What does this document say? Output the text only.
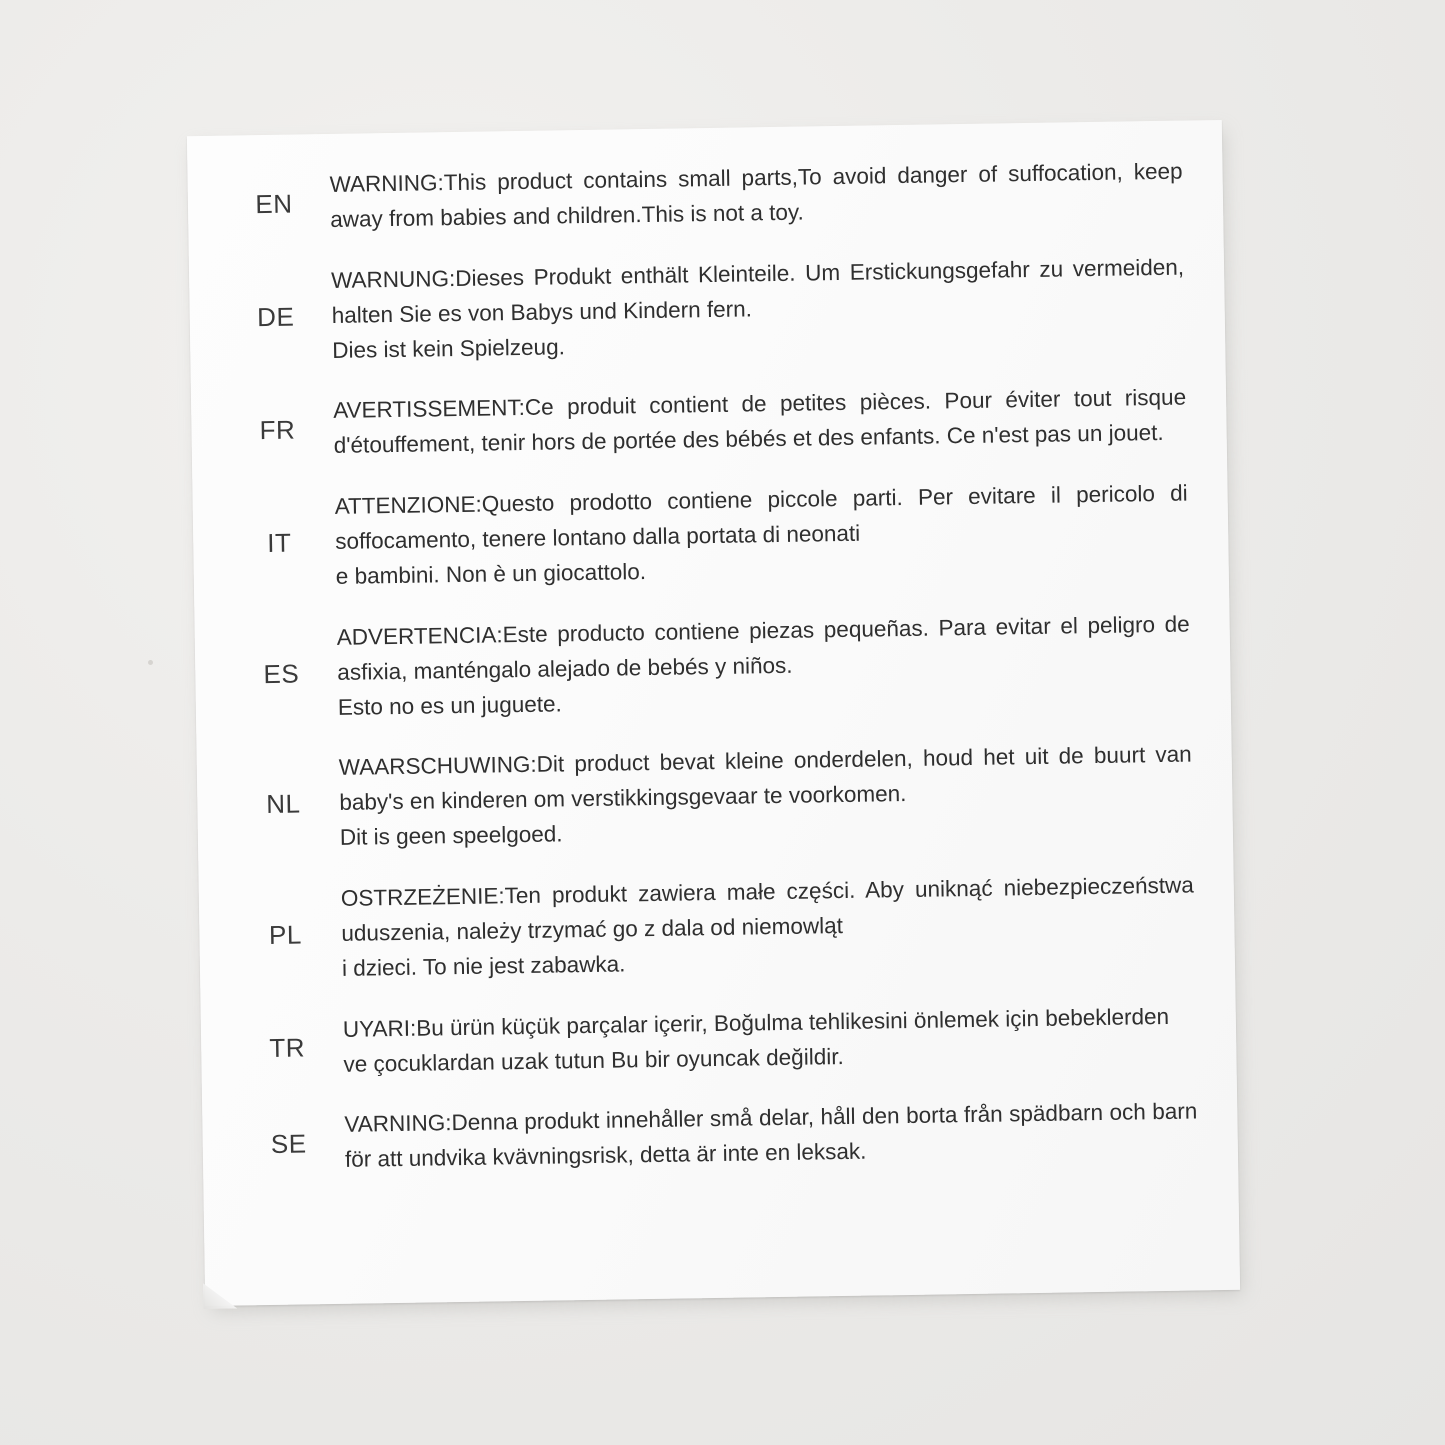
EN
WARNING:This product contains small parts,To avoid danger of suffocation, keep away from babies and children.This is not a toy.
DE
WARNUNG:Dieses Produkt enthält Kleinteile. Um Erstickungsgefahr zu vermeiden, halten Sie es von Babys und Kindern fern.
Dies ist kein Spielzeug.
FR
AVERTISSEMENT:Ce produit contient de petites pièces. Pour éviter tout risque d'étouffement, tenir hors de portée des bébés et des enfants. Ce n'est pas un jouet.
IT
ATTENZIONE:Questo prodotto contiene piccole parti. Per evitare il pericolo di soffocamento, tenere lontano dalla portata di neonati
e bambini. Non è un giocattolo.
ES
ADVERTENCIA:Este producto contiene piezas pequeñas. Para evitar el peligro de asfixia, manténgalo alejado de bebés y niños.
Esto no es un juguete.
NL
WAARSCHUWING:Dit product bevat kleine onderdelen, houd het uit de buurt van baby's en kinderen om verstikkingsgevaar te voorkomen.
Dit is geen speelgoed.
PL
OSTRZEŻENIE:Ten produkt zawiera małe części. Aby uniknąć niebezpieczeństwa uduszenia, należy trzymać go z dala od niemowląt
i dzieci. To nie jest zabawka.
TR
UYARI:Bu ürün küçük parçalar içerir, Boğulma tehlikesini önlemek için bebeklerden ve çocuklardan uzak tutun Bu bir oyuncak değildir.
SE
VARNING:Denna produkt innehåller små delar, håll den borta från spädbarn och barn för att undvika kvävningsrisk, detta är inte en leksak.
